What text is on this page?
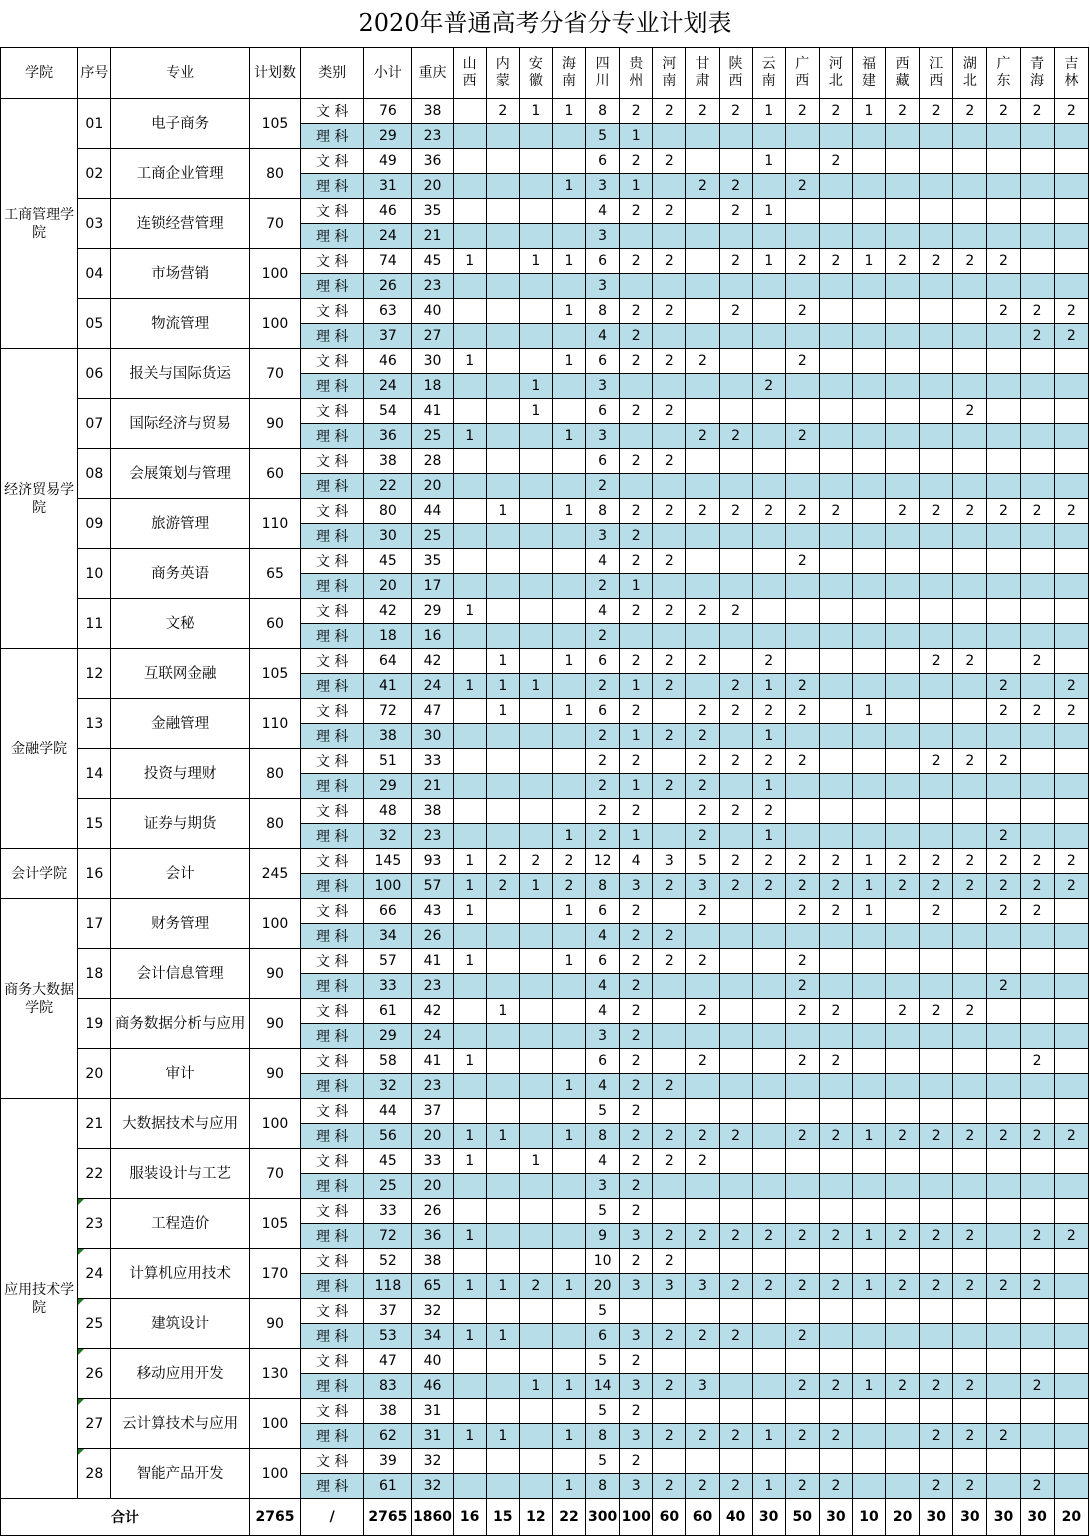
2020年普通高考分省分专业计划表
学院	序号	专业	计划数	类别	小计	重庆	山西	内蒙	安徽	海南	四川	贵州	河南	甘肃	陕西	云南	广西	河北	福建	西藏	江西	湖北	广东	青海	吉林
工商管理学院	01	电子商务	105	文 科	76	38		2	1	1	8	2	2	2	2	1	2	2	1	2	2	2	2	2	2
				理 科	29	23					5	1													
	02	工商企业管理	80	文 科	49	36					6	2	2			1		2							
				理 科	31	20				1	3	1		2	2		2								
	03	连锁经营管理	70	文 科	46	35					4	2	2		2	1									
				理 科	24	21					3														
	04	市场营销	100	文 科	74	45	1		1	1	6	2	2		2	1	2	2	1	2	2	2	2		
				理 科	26	23					3														
	05	物流管理	100	文 科	63	40				1	8	2	2		2		2						2	2	2
				理 科	37	27					4	2												2	2
经济贸易学院	06	报关与国际货运	70	文 科	46	30	1			1	6	2	2	2			2								
				理 科	24	18			1		3					2									
	07	国际经济与贸易	90	文 科	54	41			1		6	2	2									2			
				理 科	36	25	1			1	3			2	2		2								
	08	会展策划与管理	60	文 科	38	28					6	2	2												
				理 科	22	20					2														
	09	旅游管理	110	文 科	80	44		1		1	8	2	2	2	2	2	2	2		2	2	2	2	2	2
				理 科	30	25					3	2													
	10	商务英语	65	文 科	45	35					4	2	2				2								
				理 科	20	17					2	1													
	11	文秘	60	文 科	42	29	1				4	2	2	2	2										
				理 科	18	16					2														
金融学院	12	互联网金融	105	文 科	64	42		1		1	6	2	2	2		2					2	2		2	
				理 科	41	24	1	1	1		2	1	2		2	1	2						2		2
	13	金融管理	110	文 科	72	47		1		1	6	2		2	2	2	2		1				2	2	2
				理 科	38	30					2	1	2	2		1									
	14	投资与理财	80	文 科	51	33					2	2		2	2	2	2				2	2	2		
				理 科	29	21					2	1	2	2		1									
	15	证券与期货	80	文 科	48	38					2	2		2	2	2									
				理 科	32	23				1	2	1		2		1							2		
会计学院	16	会计	245	文 科	145	93	1	2	2	2	12	4	3	5	2	2	2	2	1	2	2	2	2	2	2
				理 科	100	57	1	2	1	2	8	3	2	3	2	2	2	2	1	2	2	2	2	2	2
商务大数据学院	17	财务管理	100	文 科	66	43	1			1	6	2		2			2	2	1		2		2	2	
				理 科	34	26					4	2	2												
	18	会计信息管理	90	文 科	57	41	1			1	6	2	2	2			2								
				理 科	33	23					4	2					2						2		
	19	商务数据分析与应用	90	文 科	61	42		1			4	2		2			2	2		2	2	2			
				理 科	29	24					3	2													
	20	审计	90	文 科	58	41	1				6	2		2			2	2						2	
				理 科	32	23				1	4	2	2												
应用技术学院	21	大数据技术与应用	100	文 科	44	37					5	2													
				理 科	56	20	1	1		1	8	2	2	2	2		2	2	1	2	2	2	2	2	2
	22	服装设计与工艺	70	文 科	45	33	1		1		4	2	2	2											
				理 科	25	20					3	2													
	23	工程造价	105	文 科	33	26					5	2													
				理 科	72	36	1				9	3	2	2	2	2	2	2	1	2	2	2		2	2
	24	计算机应用技术	170	文 科	52	38					10	2	2												
				理 科	118	65	1	1	2	1	20	3	3	3	2	2	2	2	1	2	2	2	2	2	
	25	建筑设计	90	文 科	37	32					5														
				理 科	53	34	1	1			6	3	2	2	2		2								
	26	移动应用开发	130	文 科	47	40					5	2													
				理 科	83	46			1	1	14	3	2	3			2	2	1	2	2	2		2	
	27	云计算技术与应用	100	文 科	38	31					5	2													
				理 科	62	31	1	1		1	8	3	2	2	2	1	2	2			2	2	2		
	28	智能产品开发	100	文 科	39	32					5	2													
				理 科	61	32				1	8	3	2	2	2	1	2	2			2	2		2	
合计			2765	/	2765	1860	16	15	12	22	300	100	60	60	40	30	50	30	10	20	30	30	30	30	20
